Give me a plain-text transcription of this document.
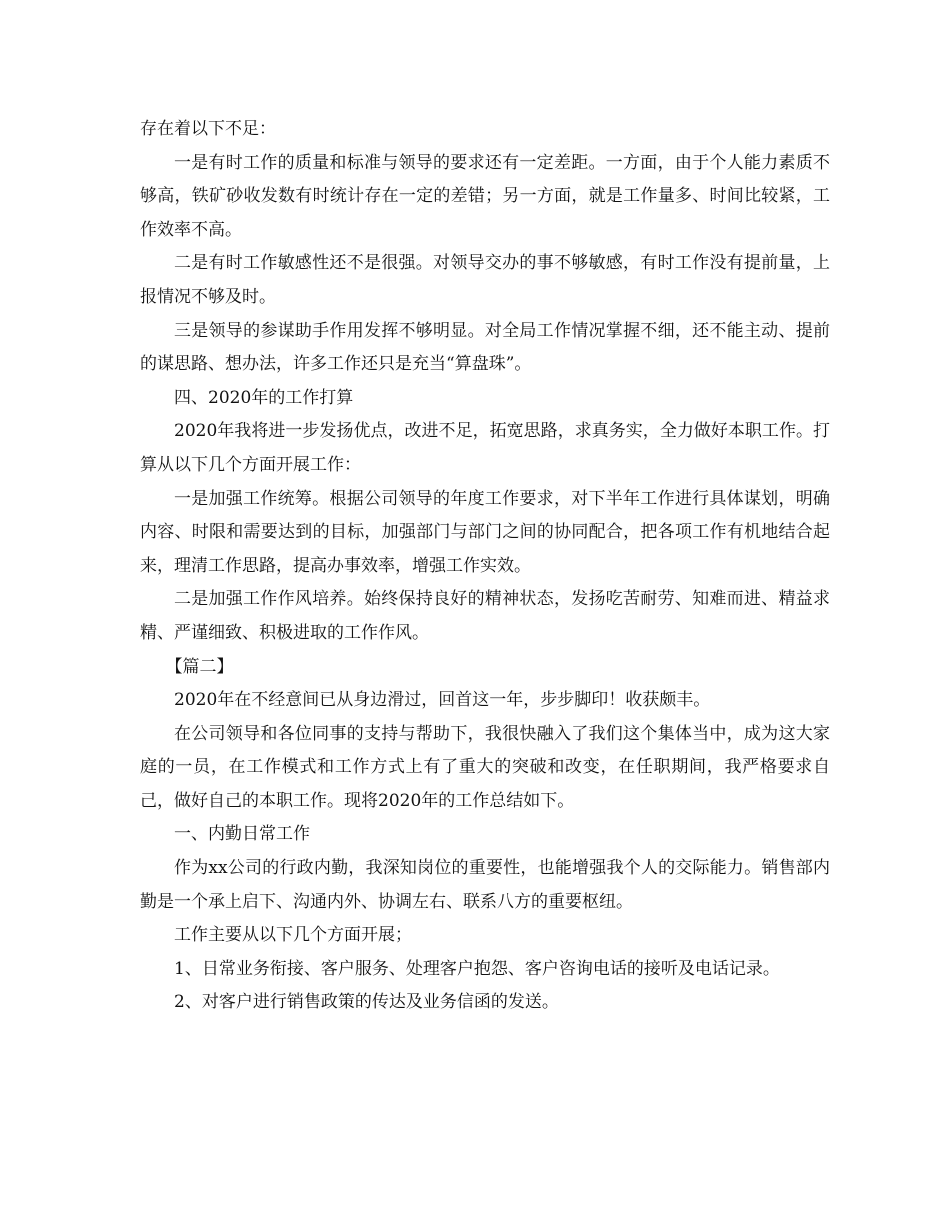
存在着以下不足：

一是有时工作的质量和标准与领导的要求还有一定差距。一方面，由于个人能力素质不够高，铁矿砂收发数有时统计存在一定的差错；另一方面，就是工作量多、时间比较紧，工作效率不高。

二是有时工作敏感性还不是很强。对领导交办的事不够敏感，有时工作没有提前量，上报情况不够及时。

三是领导的参谋助手作用发挥不够明显。对全局工作情况掌握不细，还不能主动、提前的谋思路、想办法，许多工作还只是充当“算盘珠”。

四、2020年的工作打算

2020年我将进一步发扬优点，改进不足，拓宽思路，求真务实，全力做好本职工作。打算从以下几个方面开展工作：

一是加强工作统筹。根据公司领导的年度工作要求，对下半年工作进行具体谋划，明确内容、时限和需要达到的目标，加强部门与部门之间的协同配合，把各项工作有机地结合起来，理清工作思路，提高办事效率，增强工作实效。

二是加强工作作风培养。始终保持良好的精神状态，发扬吃苦耐劳、知难而进、精益求精、严谨细致、积极进取的工作作风。

【篇二】

2020年在不经意间已从身边滑过，回首这一年，步步脚印！收获颇丰。

在公司领导和各位同事的支持与帮助下，我很快融入了我们这个集体当中，成为这大家庭的一员，在工作模式和工作方式上有了重大的突破和改变，在任职期间，我严格要求自己，做好自己的本职工作。现将2020年的工作总结如下。

一、内勤日常工作

作为xx公司的行政内勤，我深知岗位的重要性，也能增强我个人的交际能力。销售部内勤是一个承上启下、沟通内外、协调左右、联系八方的重要枢纽。

工作主要从以下几个方面开展；

1、日常业务衔接、客户服务、处理客户抱怨、客户咨询电话的接听及电话记录。

2、对客户进行销售政策的传达及业务信函的发送。
